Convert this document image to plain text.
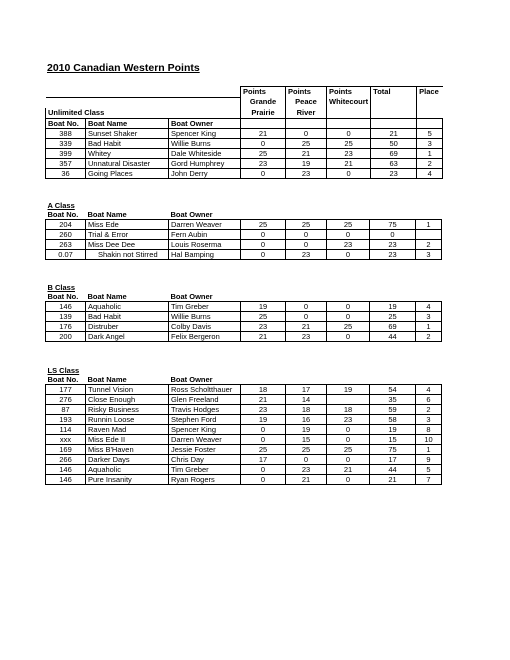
2010 Canadian Western Points
			Points	Points	Points	Total	Place
			Grande	Peace	Whitecourt		
Unlimited Class			Prairie	River			
Boat No.	Boat Name	Boat Owner					
388	Sunset Shaker	Spencer King	21	0	0	21	5
339	Bad Habit	Willie Burns	0	25	25	50	3
399	Whitey	Dale Whiteside	25	21	23	69	1
357	Unnatural Disaster	Gord Humphrey	23	19	21	63	2
36	Going Places	John Derry	0	23	0	23	4
A Class							
Boat No.	Boat Name	Boat Owner					
204	Miss Ede	Darren Weaver	25	25	25	75	1
260	Trial & Error	Fern Aubin	0	0	0	0	
263	Miss Dee Dee	Louis Roserma	0	0	23	23	2
0.07	Shakin not Stirred	Hal Bamping	0	23	0	23	3
B Class							
Boat No.	Boat Name	Boat Owner					
146	Aquaholic	Tim Greber	19	0	0	19	4
139	Bad Habit	Willie Burns	25	0	0	25	3
176	Distruber	Colby Davis	23	21	25	69	1
200	Dark Angel	Felix Bergeron	21	23	0	44	2
LS Class							
Boat No.	Boat Name	Boat Owner					
177	Tunnel Vision	Ross Scholtthauer	18	17	19	54	4
276	Close Enough	Glen Freeland	21	14		35	6
87	Risky Business	Travis Hodges	23	18	18	59	2
193	Runnin Loose	Stephen Ford	19	16	23	58	3
114	Raven Mad	Spencer King	0	19	0	19	8
xxx	Miss Ede II	Darren Weaver	0	15	0	15	10
169	Miss B'Haven	Jessie Foster	25	25	25	75	1
266	Darker Days	Chris Day	17	0	0	17	9
146	Aquaholic	Tim Greber	0	23	21	44	5
146	Pure Insanity	Ryan Rogers	0	21	0	21	7
